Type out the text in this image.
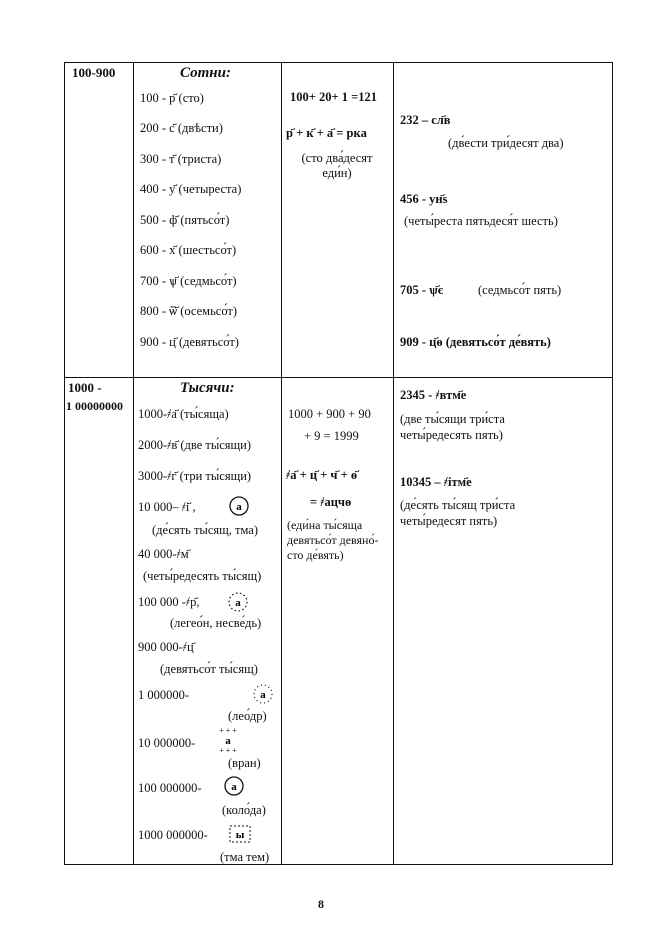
100-900	Сотни:
100 - р҃ (сто)
200 - с҃ (двѣсти)
300 - т҃ (триста)
400 - у҃ (четыреста)
500 - ф҃ (пятьсо́т)
600 - х҃ (шестьсо́т)
700 - ѱ҃ (седмьсо́т)
800 - ѿ҃ (осемьсо́т)
900 - ц҃ (девятьсо́т)
100+ 20+ 1 =121
р҃ + к҃ + а҃ = ркa
(сто два́десят
еди́н)
232 – сл҃в
(дв́ести три́десят два)
456 - ун҃ѕ
(четы́реста пятьдеся́т шесть)
705 - ѱ҃є	(седмьсо́т пять)
909 - ц҃ѳ (девятьсо́т де́вять)
1000 -
1 00000000
Тысячи:
1000-҂а҃ (ты́сяща)
2000-҂в҃ (две ты́сящи)
3000-҂г҃ (три ты́сящи)
10 000– ҂і҃ ,
(де́сять ты́сящ, тма)
40 000-҂м҃
(четы́редесять ты́сящ)
100 000 -҂р҃,
(легео́н, несве́дь)
900 000-҂ц҃
(девятьсо́т ты́сящ)
1 000000-
(лео́др)
10 000000-
(вран)
100 000000-
(коло́да)
1000 000000-
(тма тем)
а
а
а
а
+ + +
+ + +
а
ы
1000 + 900 + 90
+ 9 = 1999
҂а҃ + ц҃ + ч҃ + ѳ҃
= ҂ацчѳ
(еди́на ты́сяща
девятьсо́т девяно́-
сто де́вять)
2345 - ҂втм҃е
(две ты́сящи три́ста
четы́редесять пять)
10345 – ҂ітм҃е
(де́сять ты́сящ три́ста
четы́редесят пять)
8
